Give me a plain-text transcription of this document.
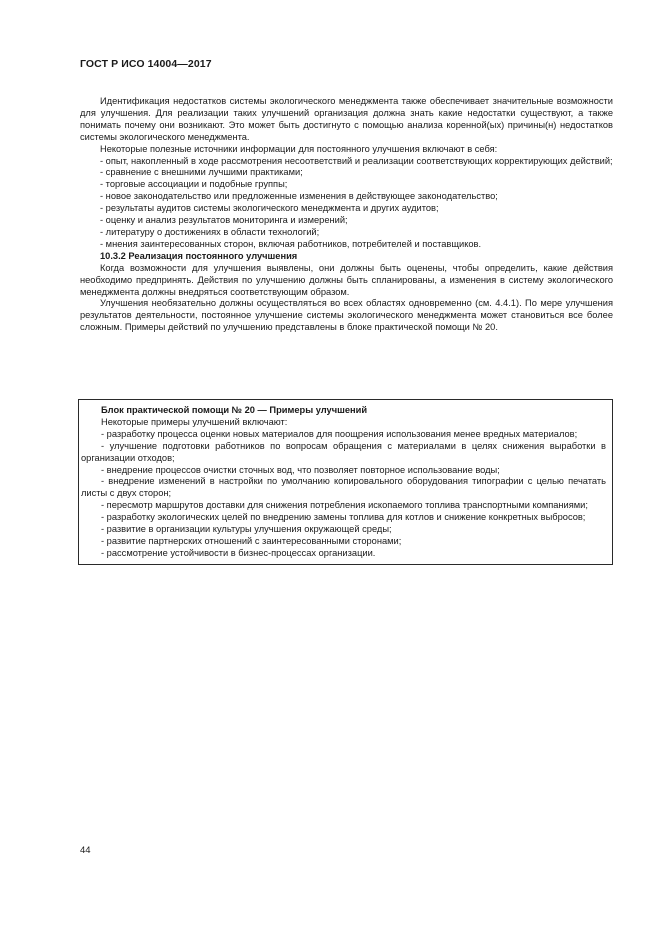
ГОСТ Р ИСО 14004—2017

Идентификация недостатков системы экологического менеджмента также обеспечивает значительные возможности для улучшения. Для реализации таких улучшений организация должна знать какие недостатки существуют, а также понимать почему они возникают. Это может быть достигнуто с помощью анализа коренной(ых) причины(н) недостатков системы экологического менеджмента.

Некоторые полезные источники информации для постоянного улучшения включают в себя:

- опыт, накопленный в ходе рассмотрения несоответствий и реализации соответствующих корректирующих действий;

- сравнение с внешними лучшими практиками;

- торговые ассоциации и подобные группы;

- новое законодательство или предложенные изменения в действующее законодательство;

- результаты аудитов системы экологического менеджмента и других аудитов;

- оценку и анализ результатов мониторинга и измерений;

- литературу о достижениях в области технологий;

- мнения заинтересованных сторон, включая работников, потребителей и поставщиков.

10.3.2 Реализация постоянного улучшения

Когда возможности для улучшения выявлены, они должны быть оценены, чтобы определить, какие действия необходимо предпринять. Действия по улучшению должны быть спланированы, а изменения в систему экологического менеджмента должны внедряться соответствующим образом.

Улучшения необязательно должны осуществляться во всех областях одновременно (см. 4.4.1). По мере улучшения результатов деятельности, постоянное улучшение системы экологического менеджмента может становиться все более сложным. Примеры действий по улучшению представлены в блоке практической помощи № 20.

Блок практической помощи № 20 — Примеры улучшений

Некоторые примеры улучшений включают:

- разработку процесса оценки новых материалов для поощрения использования менее вредных материалов;

- улучшение подготовки работников по вопросам обращения с материалами в целях снижения выработки в организации отходов;

- внедрение процессов очистки сточных вод, что позволяет повторное использование воды;

- внедрение изменений в настройки по умолчанию копировального оборудования типографии с целью печатать листы с двух сторон;

- пересмотр маршрутов доставки для снижения потребления ископаемого топлива транспортными компаниями;

- разработку экологических целей по внедрению замены топлива для котлов и снижение конкретных выбросов;

- развитие в организации культуры улучшения окружающей среды;

- развитие партнерских отношений с заинтересованными сторонами;

- рассмотрение устойчивости в бизнес-процессах организации.

44
